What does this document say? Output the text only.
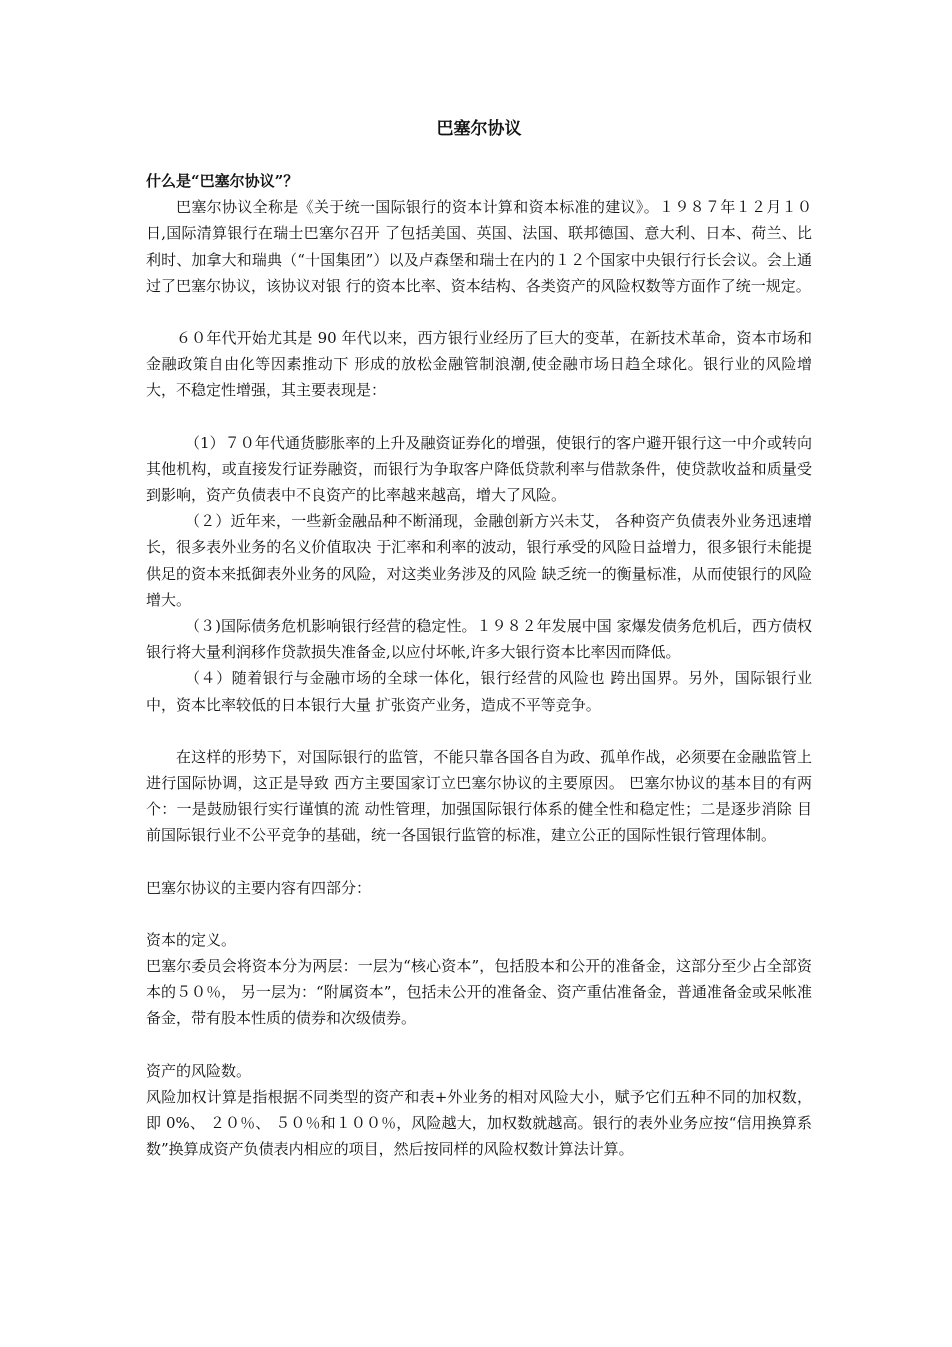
巴塞尔协议

什么是“巴塞尔协议”？

巴塞尔协议全称是《关于统一国际银行的资本计算和资本标准的建议》。１９８７年１２月１０日,国际清算银行在瑞士巴塞尔召开 了包括美国、英国、法国、联邦德国、意大利、日本、荷兰、比 利时、加拿大和瑞典（“十国集团”）以及卢森堡和瑞士在内的１２个国家中央银行行长会议。会上通过了巴塞尔协议，该协议对银 行的资本比率、资本结构、各类资产的风险权数等方面作了统一规定。

６０年代开始尤其是 90 年代以来，西方银行业经历了巨大的变革，在新技术革命，资本市场和金融政策自由化等因素推动下 形成的放松金融管制浪潮,使金融市场日趋全球化。银行业的风险增大，不稳定性增强，其主要表现是：

（1）７０年代通货膨胀率的上升及融资证券化的增强，使银行的客户避开银行这一中介或转向其他机构，或直接发行证券融资，而银行为争取客户降低贷款利率与借款条件，使贷款收益和质量受到影响，资产负债表中不良资产的比率越来越高，增大了风险。

（２）近年来，一些新金融品种不断涌现，金融创新方兴未艾， 各种资产负债表外业务迅速增长，很多表外业务的名义价值取决 于汇率和利率的波动，银行承受的风险日益增力，很多银行未能提供足的资本来抵御表外业务的风险，对这类业务涉及的风险 缺乏统一的衡量标准，从而使银行的风险增大。

（３)国际债务危机影响银行经营的稳定性。１９８２年发展中国 家爆发债务危机后，西方债权银行将大量利润移作贷款损失准备金,以应付坏帐,许多大银行资本比率因而降低。

（４）随着银行与金融市场的全球一体化，银行经营的风险也 跨出国界。另外，国际银行业中，资本比率较低的日本银行大量 扩张资产业务，造成不平等竞争。

在这样的形势下，对国际银行的监管，不能只靠各国各自为政、孤单作战，必须要在金融监管上进行国际协调，这正是导致 西方主要国家订立巴塞尔协议的主要原因。 巴塞尔协议的基本目的有两个：一是鼓励银行实行谨慎的流 动性管理，加强国际银行体系的健全性和稳定性；二是逐步消除 目前国际银行业不公平竞争的基础，统一各国银行监管的标准，建立公正的国际性银行管理体制。

巴塞尔协议的主要内容有四部分：

资本的定义。

巴塞尔委员会将资本分为两层：一层为“核心资本”，包括股本和公开的准备金，这部分至少占全部资本的５０％， 另一层为：“附属资本”，包括未公开的准备金、资产重估准备金，普通准备金或呆帐准备金，带有股本性质的债券和次级债券。

资产的风险数。

风险加权计算是指根据不同类型的资产和表+外业务的相对风险大小，赋予它们五种不同的加权数，即 0%、 ２０％、 ５０％和１００％，风险越大，加权数就越高。银行的表外业务应按“信用换算系数”换算成资产负债表内相应的项目，然后按同样的风险权数计算法计算。
